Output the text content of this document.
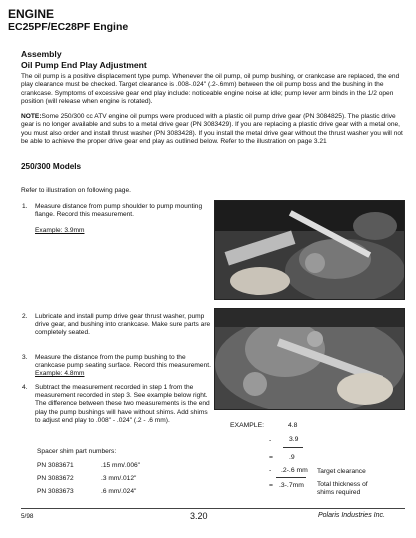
ENGINE
EC25PF/EC28PF Engine
Assembly
Oil Pump End Play Adjustment
The oil pump is a positive displacement type pump. Whenever the oil pump, oil pump bushing, or crankcase are replaced, the end play clearance must be checked. Target clearance is .008-.024" (.2-.6mm) between the oil pump boss and the bushing in the crankcase. Symptoms of excessive gear end play include: noticeable engine noise at idle; pump lever arm binds in the 1/2 open position (will release when engine is rotated).
NOTE:Some 250/300 cc ATV engine oil pumps were produced with a plastic oil pump drive gear (PN 3084825). The plastic drive gear is no longer available and subs to a metal drive gear (PN 3083429). If you are replacing a plastic drive gear with a metal one, you must also order and install thrust washer (PN 3083428). If you install the metal drive gear without the thrust washer you will not be able to achieve the proper drive gear end play as outlined below. Refer to the illustration on page 3.21
250/300 Models
Refer to illustration on following page.
1. Measure distance from pump shoulder to pump mounting flange. Record this measurement.
Example: 3.9mm
2. Lubricate and install pump drive gear thrust washer, pump drive gear, and bushing into crankcase. Make sure parts are completely seated.
3. Measure the distance from the pump bushing to the crankcase pump seating surface. Record this measurement. Example: 4.8mm
4. Subtract the measurement recorded in step 1 from the measurement recorded in step 3. See example below right. The difference between these two measurements is the end play the pump bushings will have without shims. Add shims to adjust end play to .008" - .024" (.2 - .6 mm).
EXAMPLE:	4.8
-	3.9
= .9
- .2-.6 mm Target clearance
= .3-.7mm Total thickness of
shims required
Spacer shim part numbers:
PN 3083671	.15 mm/.006"
PN 3083672	.3 mm/.012"
PN 3083673	.6 mm/.024"
5/98	3.20	Polaris Industries Inc.
